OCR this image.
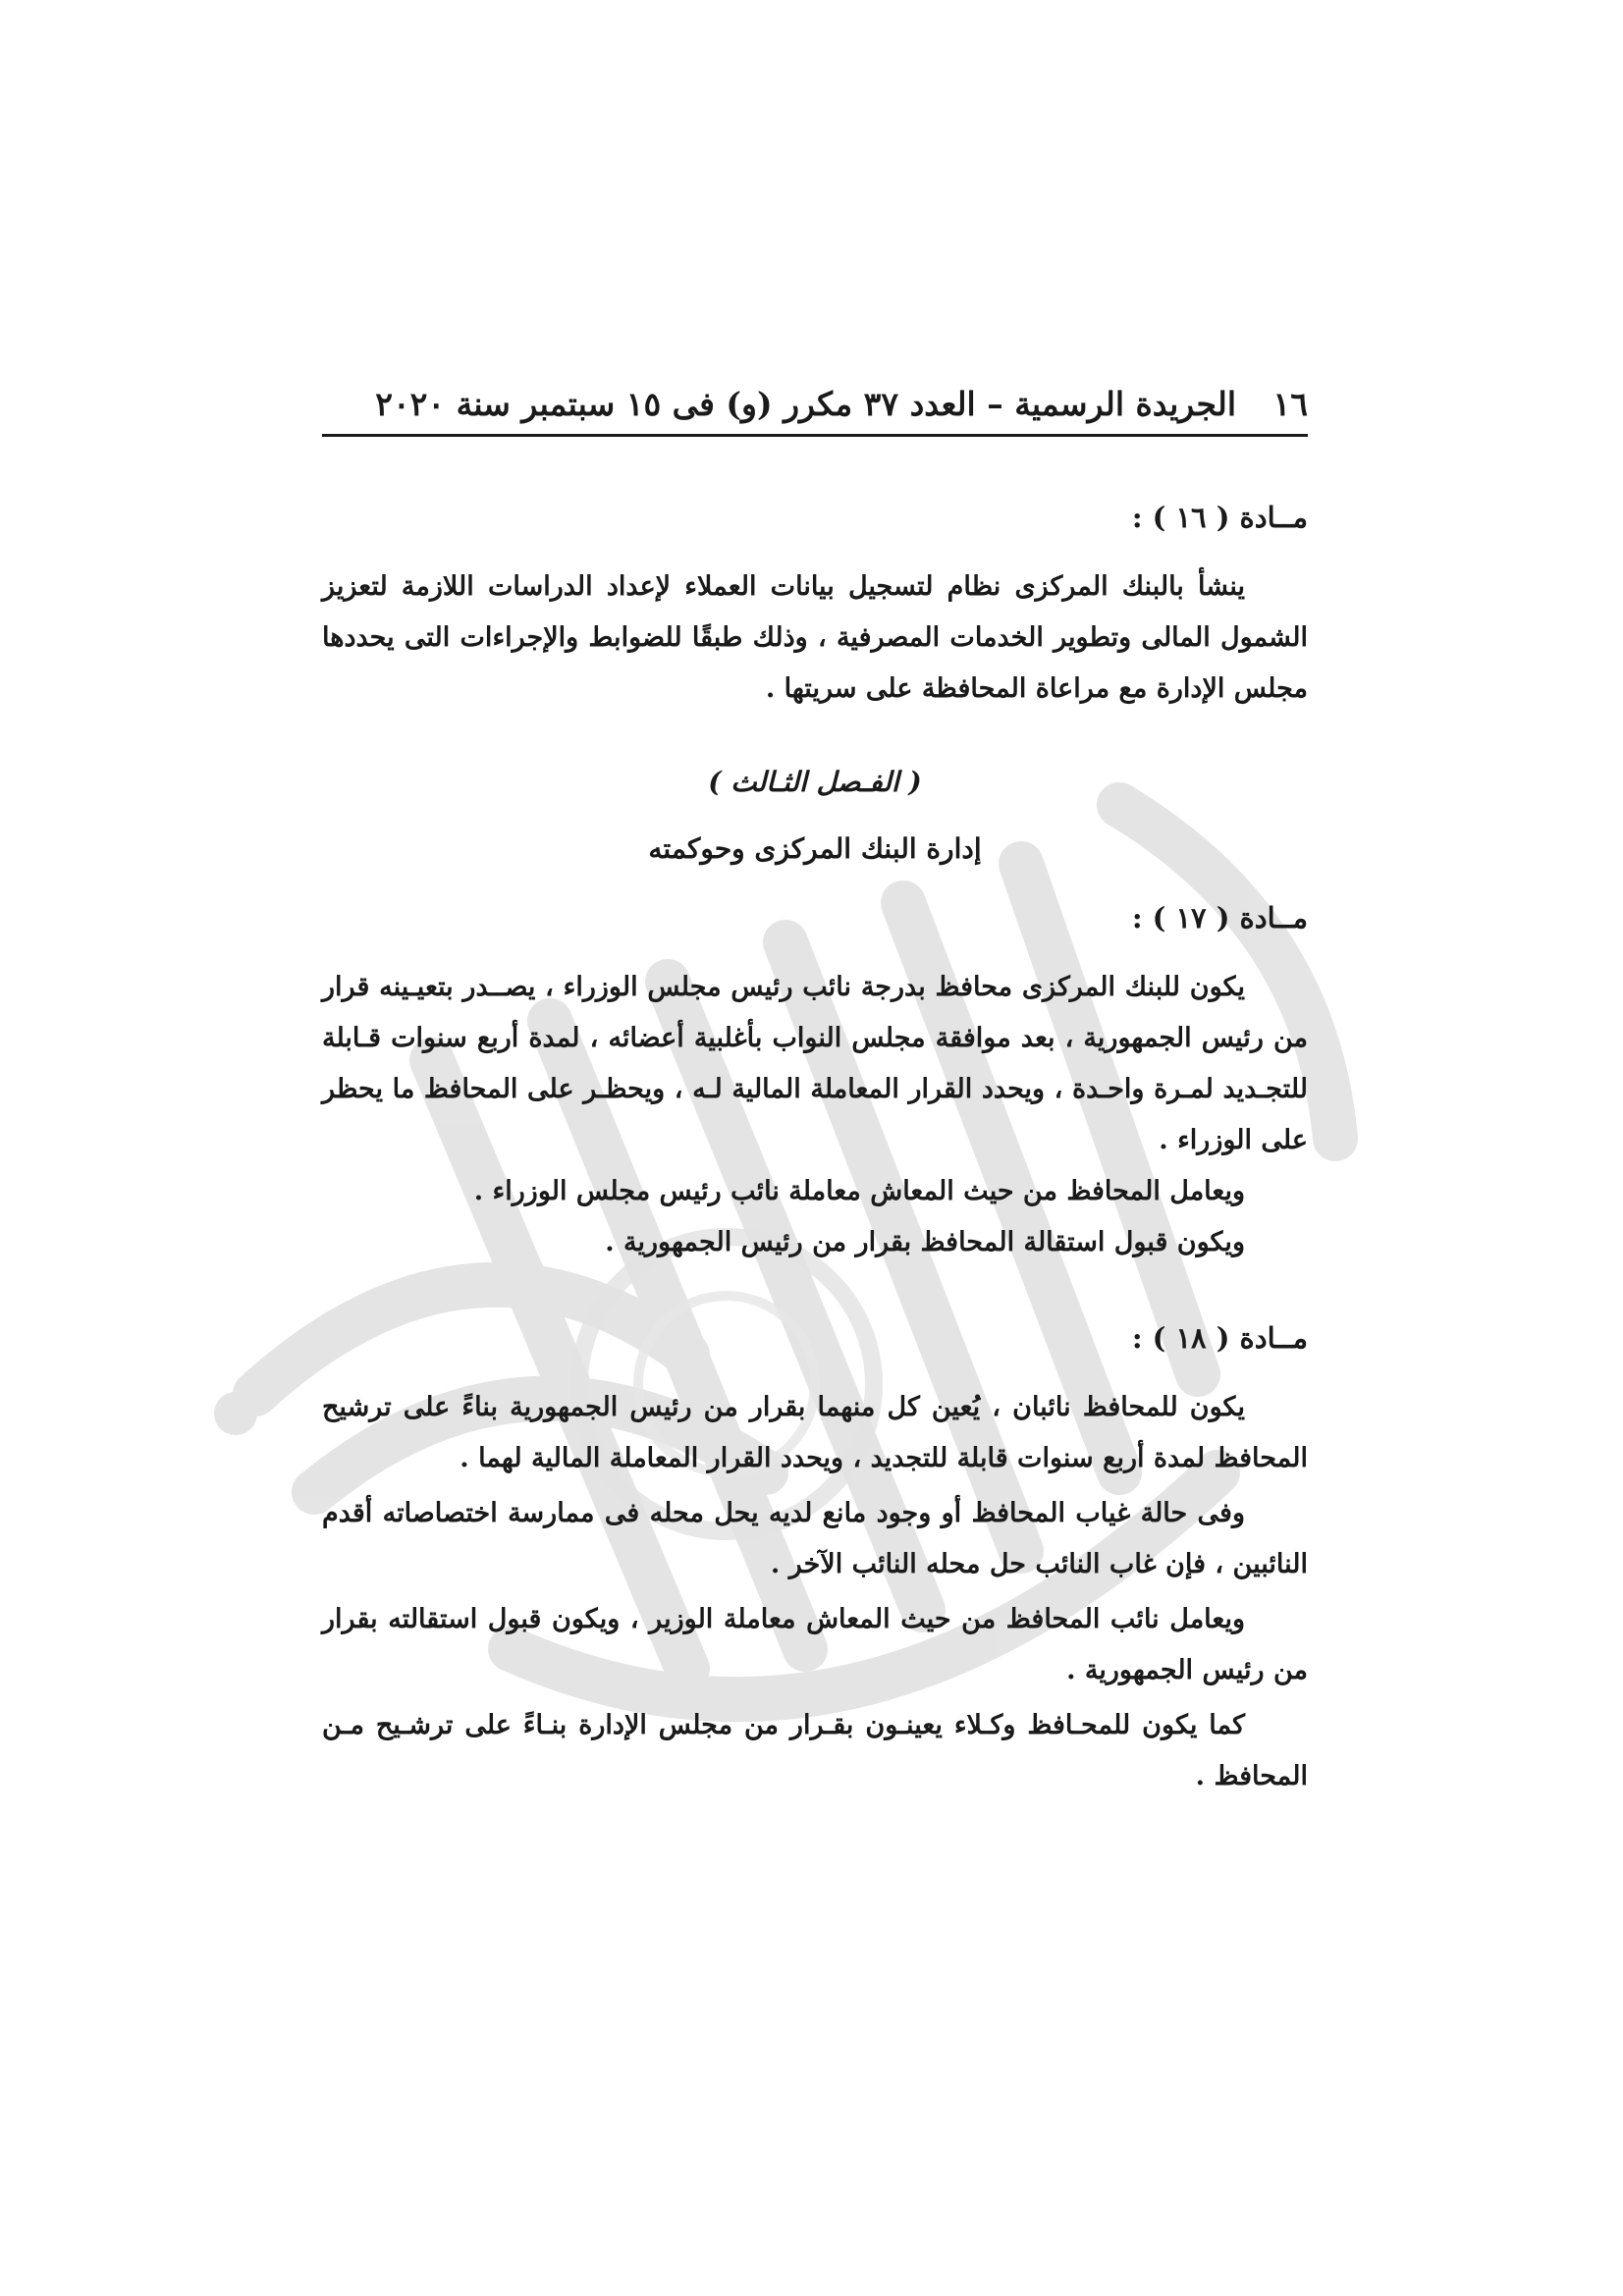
١٦ الجريدة الرسمية – العدد ٣٧ مكرر (و) فى ١٥ سبتمبر سنة ٢٠٢٠
مــادة ( ١٦ ) :
ينشأ بالبنك المركزى نظام لتسجيل بيانات العملاء لإعداد الدراسات اللازمة لتعزيز الشمول المالى وتطوير الخدمات المصرفية ، وذلك طبقًا للضوابط والإجراءات التى يحددها مجلس الإدارة مع مراعاة المحافظة على سريتها .
( الفـصل الثـالث )
إدارة البنك المركزى وحوكمته
مــادة ( ١٧ ) :
يكون للبنك المركزى محافظ بدرجة نائب رئيس مجلس الوزراء ، يصــدر بتعيـينه قرار من رئيس الجمهورية ، بعد موافقة مجلس النواب بأغلبية أعضائه ، لمدة أربع سنوات قـابلة للتجـديد لمـرة واحـدة ، ويحدد القرار المعاملة المالية لـه ، ويحظـر على المحافظ ما يحظر على الوزراء .
ويعامل المحافظ من حيث المعاش معاملة نائب رئيس مجلس الوزراء .
ويكون قبول استقالة المحافظ بقرار من رئيس الجمهورية .
مــادة ( ١٨ ) :
يكون للمحافظ نائبان ، يُعين كل منهما بقرار من رئيس الجمهورية بناءً على ترشيح المحافظ لمدة أربع سنوات قابلة للتجديد ، ويحدد القرار المعاملة المالية لهما .
وفى حالة غياب المحافظ أو وجود مانع لديه يحل محله فى ممارسة اختصاصاته أقدم النائبين ، فإن غاب النائب حل محله النائب الآخر .
ويعامل نائب المحافظ من حيث المعاش معاملة الوزير ، ويكون قبول استقالته بقرار من رئيس الجمهورية .
كما يكون للمحـافظ وكـلاء يعينـون بقـرار من مجلس الإدارة بنـاءً على ترشـيح مـن المحافظ .
